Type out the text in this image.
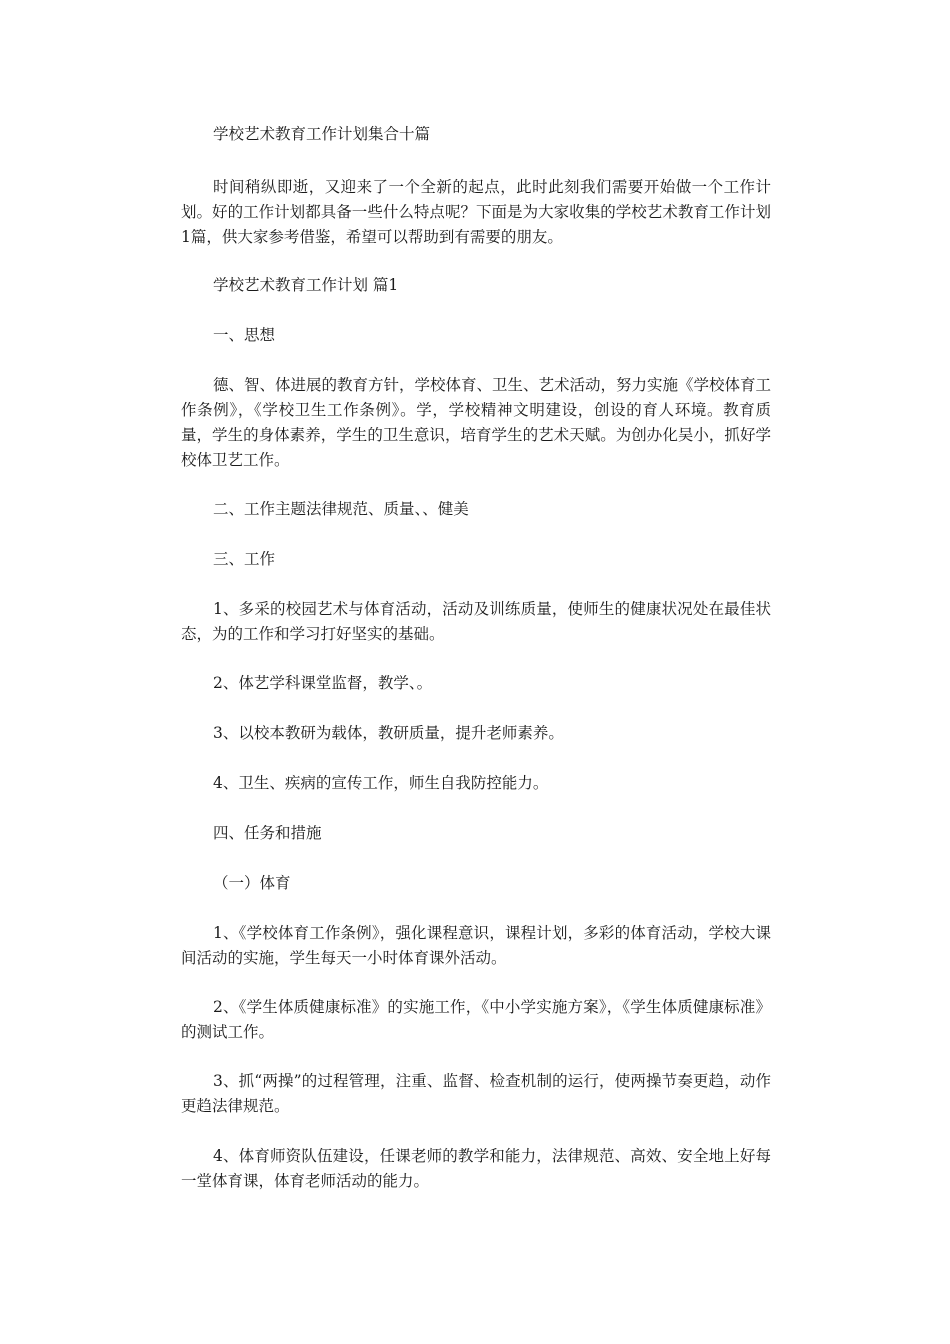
学校艺术教育工作计划集合十篇

时间稍纵即逝，又迎来了一个全新的起点，此时此刻我们需要开始做一个工作计划。好的工作计划都具备一些什么特点呢？下面是为大家收集的学校艺术教育工作计划1篇，供大家参考借鉴，希望可以帮助到有需要的朋友。

学校艺术教育工作计划 篇1

一、思想

德、智、体进展的教育方针，学校体育、卫生、艺术活动，努力实施《学校体育工作条例》，《学校卫生工作条例》。学，学校精神文明建设，创设的育人环境。教育质量，学生的身体素养，学生的卫生意识，培育学生的艺术天赋。为创办化吴小，抓好学校体卫艺工作。

二、工作主题法律规范、质量、、健美

三、工作

1、多采的校园艺术与体育活动，活动及训练质量，使师生的健康状况处在最佳状态，为的工作和学习打好坚实的基础。

2、体艺学科课堂监督，教学、。

3、以校本教研为载体，教研质量，提升老师素养。

4、卫生、疾病的宣传工作，师生自我防控能力。

四、任务和措施

（一）体育

1、《学校体育工作条例》，强化课程意识，课程计划，多彩的体育活动，学校大课间活动的实施，学生每天一小时体育课外活动。

2、《学生体质健康标准》的实施工作，《中小学实施方案》，《学生体质健康标准》的测试工作。

3、抓“两操”的过程管理，注重、监督、检查机制的运行，使两操节奏更趋，动作更趋法律规范。

4、体育师资队伍建设，任课老师的教学和能力，法律规范、高效、安全地上好每一堂体育课，体育老师活动的能力。
